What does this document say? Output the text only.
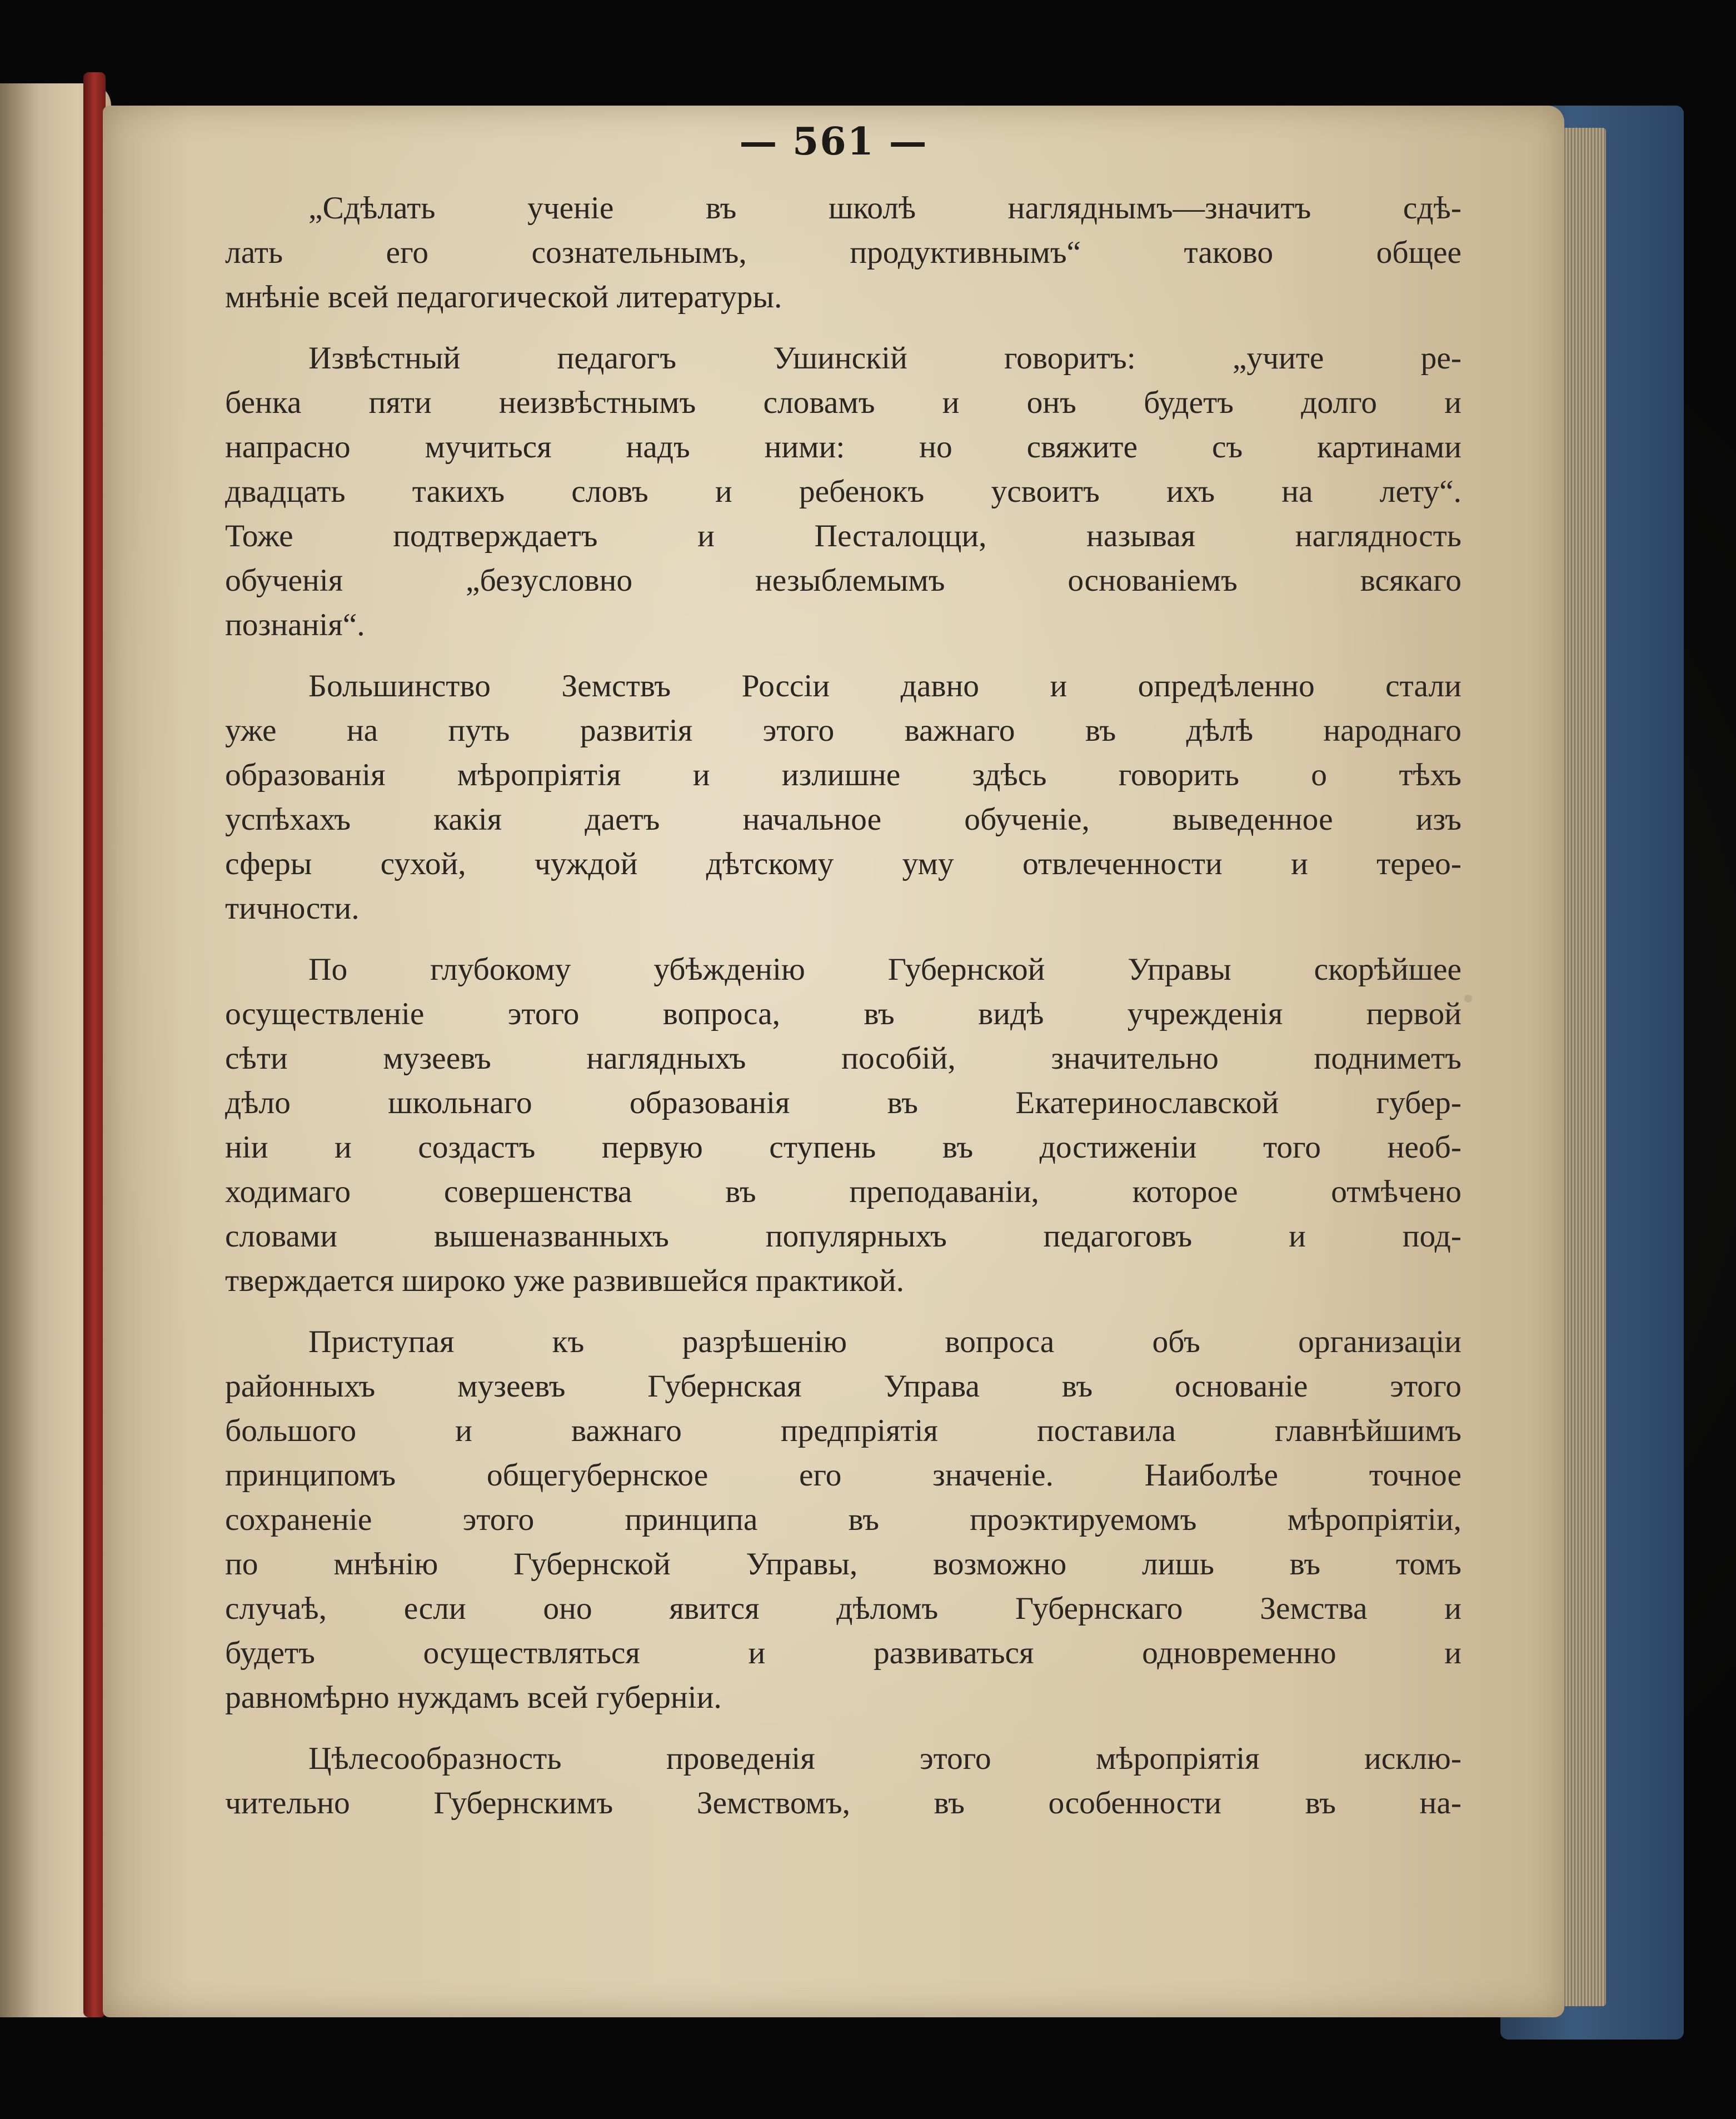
— 561 —
„Сдѣлать ученіе въ школѣ нагляднымъ—значитъ сдѣ-
лать его сознательнымъ, продуктивнымъ“ таково общее
мнѣніе всей педагогической литературы.
Извѣстный педагогъ Ушинскій говоритъ: „учите ре-
бенка пяти неизвѣстнымъ словамъ и онъ будетъ долго и
напрасно мучиться надъ ними: но свяжите съ картинами
двадцать такихъ словъ и ребенокъ усвоитъ ихъ на лету“.
Тоже подтверждаетъ и Песталоцци, называя наглядность
обученія „безусловно незыблемымъ основаніемъ всякаго
познанія“.
Большинство Земствъ Россіи давно и опредѣленно стали
уже на путь развитія этого важнаго въ дѣлѣ народнаго
образованія мѣропріятія и излишне здѣсь говорить о тѣхъ
успѣхахъ какія даетъ начальное обученіе, выведенное изъ
сферы сухой, чуждой дѣтскому уму отвлеченности и терео-
тичности.
По глубокому убѣжденію Губернской Управы скорѣйшее
осуществленіе этого вопроса, въ видѣ учрежденія первой
сѣти музеевъ наглядныхъ пособій, значительно подниметъ
дѣло школьнаго образованія въ Екатеринославской губер-
ніи и создастъ первую ступень въ достиженіи того необ-
ходимаго совершенства въ преподаваніи, которое отмѣчено
словами вышеназванныхъ популярныхъ педагоговъ и под-
тверждается широко уже развившейся практикой.
Приступая къ разрѣшенію вопроса объ организаціи
районныхъ музеевъ Губернская Управа въ основаніе этого
большого и важнаго предпріятія поставила главнѣйшимъ
принципомъ общегубернское его значеніе. Наиболѣе точное
сохраненіе этого принципа въ проэктируемомъ мѣропріятіи,
по мнѣнію Губернской Управы, возможно лишь въ томъ
случаѣ, если оно явится дѣломъ Губернскаго Земства и
будетъ осуществляться и развиваться одновременно и
равномѣрно нуждамъ всей губерніи.
Цѣлесообразность проведенія этого мѣропріятія исклю-
чительно Губернскимъ Земствомъ, въ особенности въ на-
